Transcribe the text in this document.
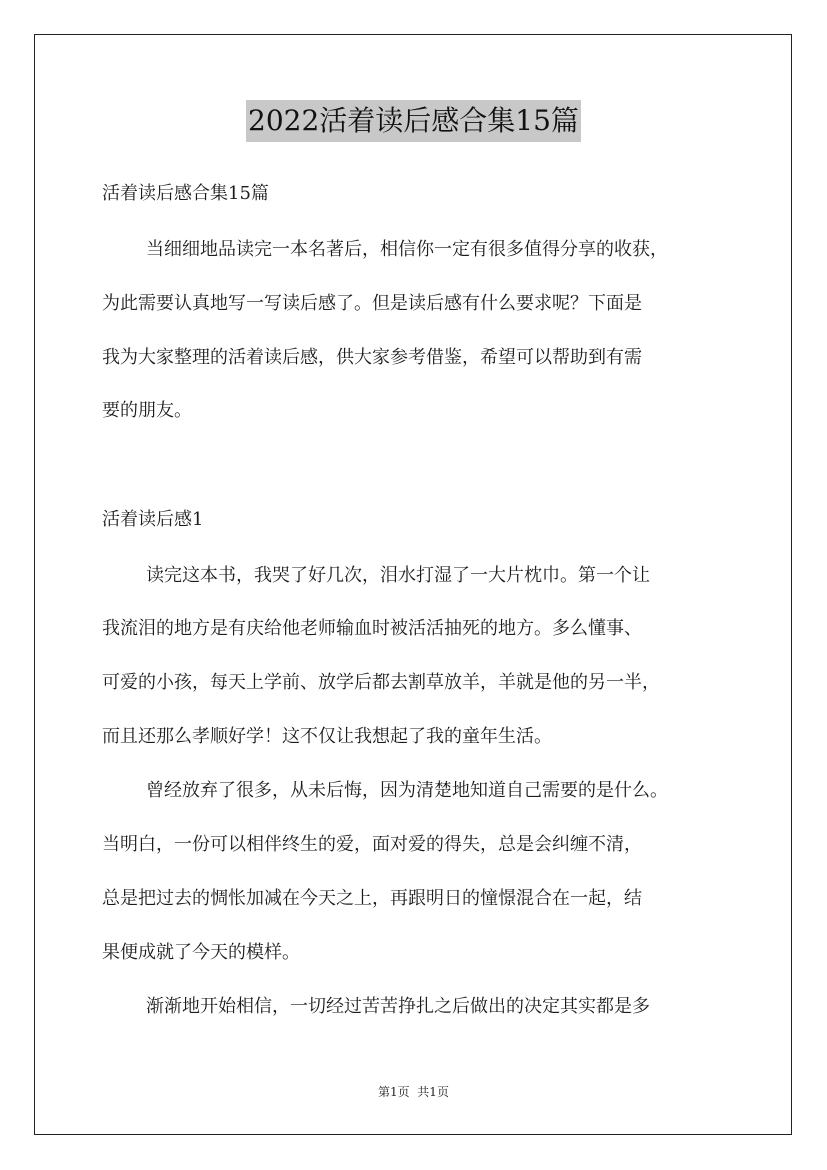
2022活着读后感合集15篇
活着读后感合集15篇
当细细地品读完一本名著后，相信你一定有很多值得分享的收获，
为此需要认真地写一写读后感了。但是读后感有什么要求呢？下面是
我为大家整理的活着读后感，供大家参考借鉴，希望可以帮助到有需
要的朋友。
活着读后感1
读完这本书，我哭了好几次，泪水打湿了一大片枕巾。第一个让
我流泪的地方是有庆给他老师输血时被活活抽死的地方。多么懂事、
可爱的小孩，每天上学前、放学后都去割草放羊，羊就是他的另一半，
而且还那么孝顺好学！这不仅让我想起了我的童年生活。
曾经放弃了很多，从未后悔，因为清楚地知道自己需要的是什么。
当明白，一份可以相伴终生的爱，面对爱的得失，总是会纠缠不清，
总是把过去的惆怅加减在今天之上，再跟明日的憧憬混合在一起，结
果便成就了今天的模样。
渐渐地开始相信，一切经过苦苦挣扎之后做出的决定其实都是多
第1页  共1页
